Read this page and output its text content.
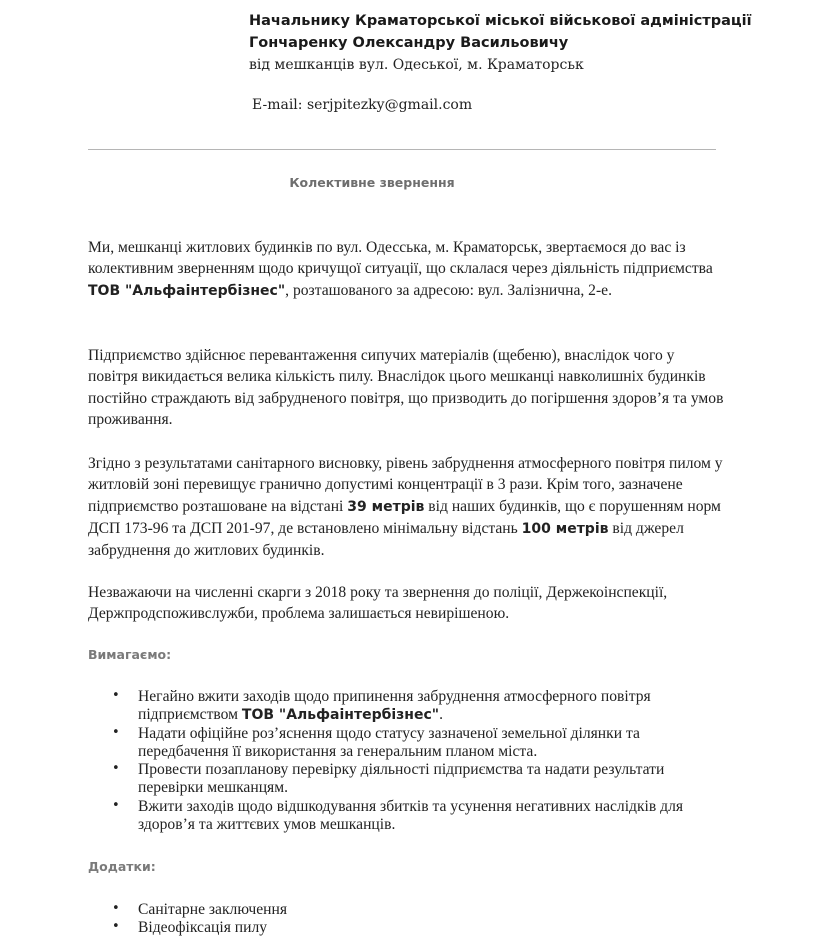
Начальнику Краматорської міської військової адміністрації
Гончаренку Олександру Васильовичу
від мешканців вул. Одеської, м. Краматорськ
E-mail: serjpitezky@gmail.com
Колективне звернення

Ми, мешканці житлових будинків по вул. Одесська, м. Краматорськ, звертаємося до вас із колективним зверненням щодо кричущої ситуації, що склалася через діяльність підприємства ТОВ "Альфаінтербізнес", розташованого за адресою: вул. Залізнична, 2-е.

Підприємство здійснює перевантаження сипучих матеріалів (щебеню), внаслідок чого у повітря викидається велика кількість пилу. Внаслідок цього мешканці навколишніх будинків постійно страждають від забрудненого повітря, що призводить до погіршення здоров’я та умов проживання.

Згідно з результатами санітарного висновку, рівень забруднення атмосферного повітря пилом у житловій зоні перевищує гранично допустимі концентрації в 3 рази. Крім того, зазначене підприємство розташоване на відстані 39 метрів від наших будинків, що є порушенням норм ДСП 173-96 та ДСП 201-97, де встановлено мінімальну відстань 100 метрів від джерел забруднення до житлових будинків.

Незважаючи на численні скарги з 2018 року та звернення до поліції, Держекоінспекції, Держпродспоживслужби, проблема залишається невирішеною.

Вимагаємо:
• Негайно вжити заходів щодо припинення забруднення атмосферного повітря підприємством ТОВ "Альфаінтербізнес".
• Надати офіційне роз’яснення щодо статусу зазначеної земельної ділянки та передбачення її використання за генеральним планом міста.
• Провести позапланову перевірку діяльності підприємства та надати результати перевірки мешканцям.
• Вжити заходів щодо відшкодування збитків та усунення негативних наслідків для здоров’я та життєвих умов мешканців.
Додатки:
• Санітарне заключення
• Відеофіксація пилу
